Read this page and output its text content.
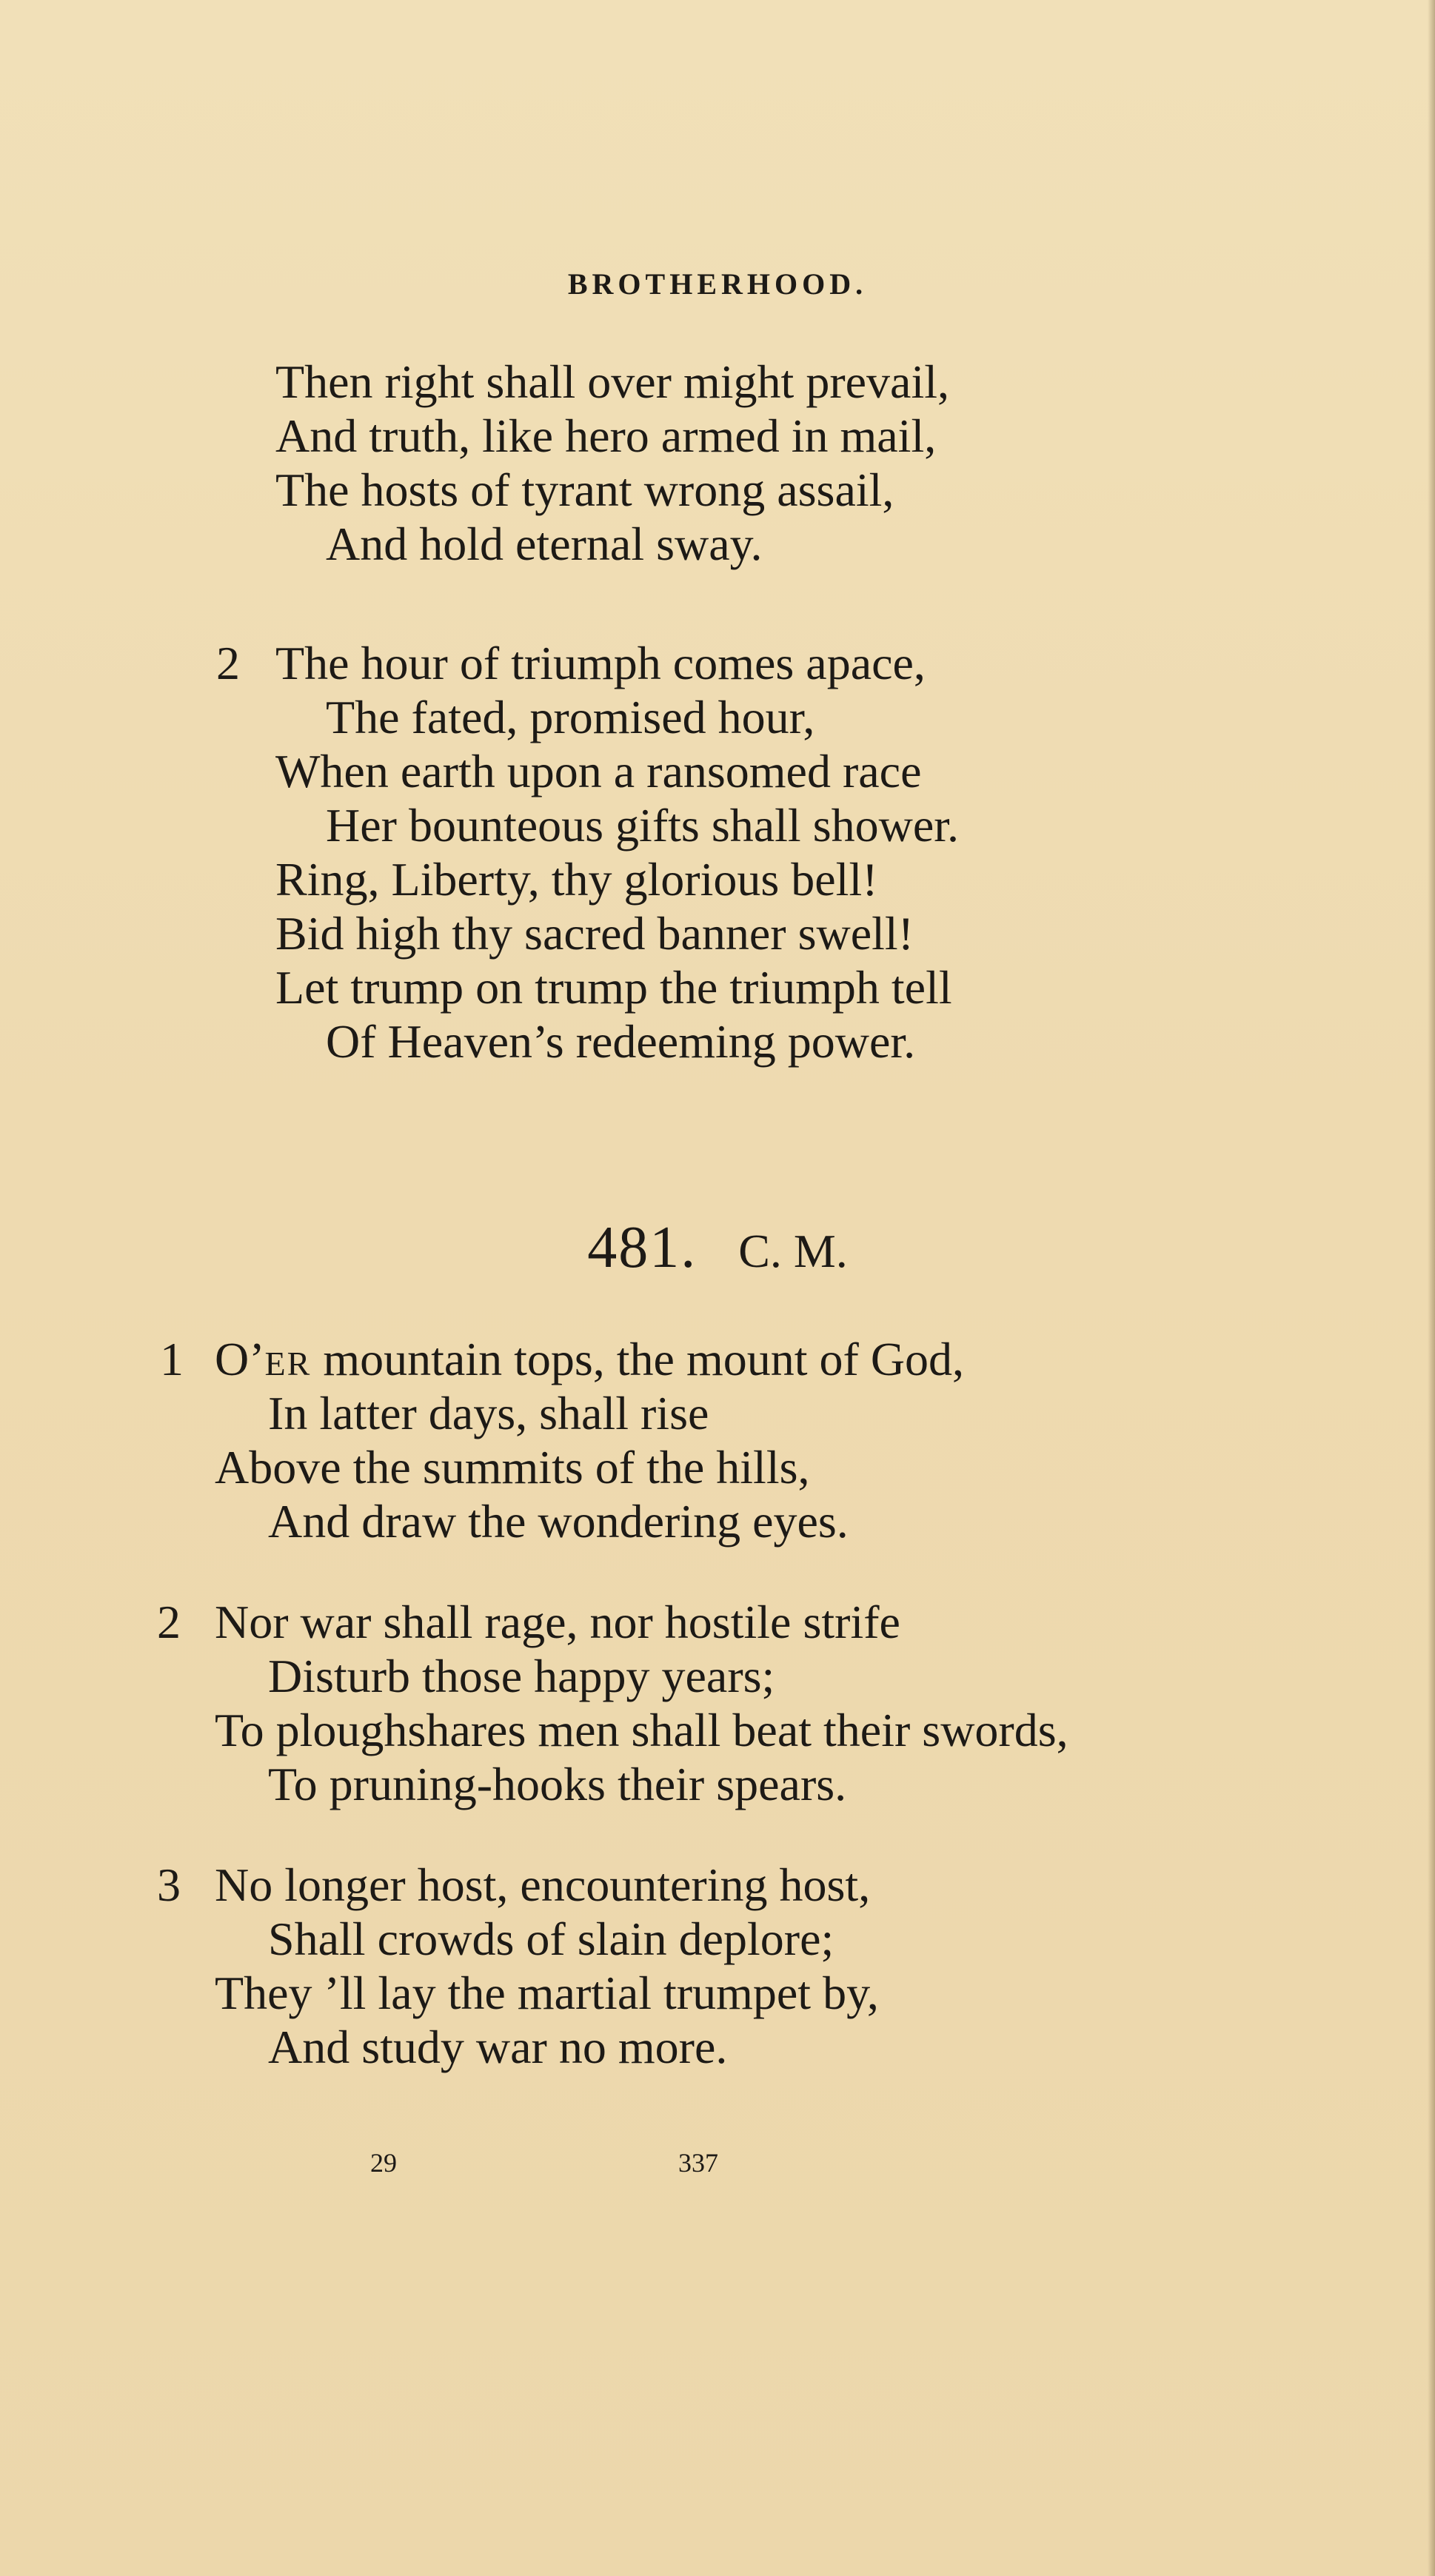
BROTHERHOOD.
Then right shall over might prevail,
And truth, like hero armed in mail,
The hosts of tyrant wrong assail,
And hold eternal sway.
2 The hour of triumph comes apace,
The fated, promised hour,
When earth upon a ransomed race
Her bounteous gifts shall shower.
Ring, Liberty, thy glorious bell!
Bid high thy sacred banner swell!
Let trump on trump the triumph tell
Of Heaven’s redeeming power.
481. C. M.
1 O’ER mountain tops, the mount of God,
In latter days, shall rise
Above the summits of the hills,
And draw the wondering eyes.
2 Nor war shall rage, nor hostile strife
Disturb those happy years;
To ploughshares men shall beat their swords,
To pruning-hooks their spears.
3 No longer host, encountering host,
Shall crowds of slain deplore;
They ’ll lay the martial trumpet by,
And study war no more.
29	337
